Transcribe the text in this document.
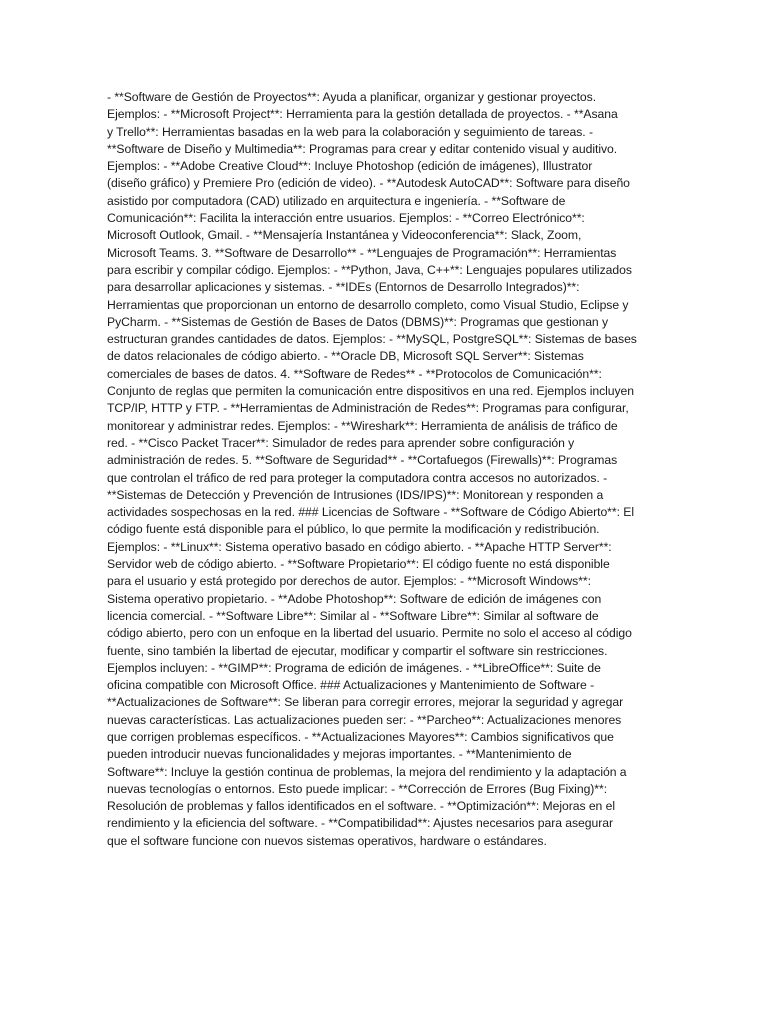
- **Software de Gestión de Proyectos**: Ayuda a planificar, organizar y gestionar proyectos.
Ejemplos: - **Microsoft Project**: Herramienta para la gestión detallada de proyectos. - **Asana
y Trello**: Herramientas basadas en la web para la colaboración y seguimiento de tareas. -
**Software de Diseño y Multimedia**: Programas para crear y editar contenido visual y auditivo.
Ejemplos: - **Adobe Creative Cloud**: Incluye Photoshop (edición de imágenes), Illustrator
(diseño gráfico) y Premiere Pro (edición de video). - **Autodesk AutoCAD**: Software para diseño
asistido por computadora (CAD) utilizado en arquitectura e ingeniería. - **Software de
Comunicación**: Facilita la interacción entre usuarios. Ejemplos: - **Correo Electrónico**:
Microsoft Outlook, Gmail. - **Mensajería Instantánea y Videoconferencia**: Slack, Zoom,
Microsoft Teams. 3. **Software de Desarrollo** - **Lenguajes de Programación**: Herramientas
para escribir y compilar código. Ejemplos: - **Python, Java, C++**: Lenguajes populares utilizados
para desarrollar aplicaciones y sistemas. - **IDEs (Entornos de Desarrollo Integrados)**:
Herramientas que proporcionan un entorno de desarrollo completo, como Visual Studio, Eclipse y
PyCharm. - **Sistemas de Gestión de Bases de Datos (DBMS)**: Programas que gestionan y
estructuran grandes cantidades de datos. Ejemplos: - **MySQL, PostgreSQL**: Sistemas de bases
de datos relacionales de código abierto. - **Oracle DB, Microsoft SQL Server**: Sistemas
comerciales de bases de datos. 4. **Software de Redes** - **Protocolos de Comunicación**:
Conjunto de reglas que permiten la comunicación entre dispositivos en una red. Ejemplos incluyen
TCP/IP, HTTP y FTP. - **Herramientas de Administración de Redes**: Programas para configurar,
monitorear y administrar redes. Ejemplos: - **Wireshark**: Herramienta de análisis de tráfico de
red. - **Cisco Packet Tracer**: Simulador de redes para aprender sobre configuración y
administración de redes. 5. **Software de Seguridad** - **Cortafuegos (Firewalls)**: Programas
que controlan el tráfico de red para proteger la computadora contra accesos no autorizados. -
**Sistemas de Detección y Prevención de Intrusiones (IDS/IPS)**: Monitorean y responden a
actividades sospechosas en la red. ### Licencias de Software - **Software de Código Abierto**: El
código fuente está disponible para el público, lo que permite la modificación y redistribución.
Ejemplos: - **Linux**: Sistema operativo basado en código abierto. - **Apache HTTP Server**:
Servidor web de código abierto. - **Software Propietario**: El código fuente no está disponible
para el usuario y está protegido por derechos de autor. Ejemplos: - **Microsoft Windows**:
Sistema operativo propietario. - **Adobe Photoshop**: Software de edición de imágenes con
licencia comercial. - **Software Libre**: Similar al - **Software Libre**: Similar al software de
código abierto, pero con un enfoque en la libertad del usuario. Permite no solo el acceso al código
fuente, sino también la libertad de ejecutar, modificar y compartir el software sin restricciones.
Ejemplos incluyen: - **GIMP**: Programa de edición de imágenes. - **LibreOffice**: Suite de
oficina compatible con Microsoft Office. ### Actualizaciones y Mantenimiento de Software -
**Actualizaciones de Software**: Se liberan para corregir errores, mejorar la seguridad y agregar
nuevas características. Las actualizaciones pueden ser: - **Parcheo**: Actualizaciones menores
que corrigen problemas específicos. - **Actualizaciones Mayores**: Cambios significativos que
pueden introducir nuevas funcionalidades y mejoras importantes. - **Mantenimiento de
Software**: Incluye la gestión continua de problemas, la mejora del rendimiento y la adaptación a
nuevas tecnologías o entornos. Esto puede implicar: - **Corrección de Errores (Bug Fixing)**:
Resolución de problemas y fallos identificados en el software. - **Optimización**: Mejoras en el
rendimiento y la eficiencia del software. - **Compatibilidad**: Ajustes necesarios para asegurar
que el software funcione con nuevos sistemas operativos, hardware o estándares.
